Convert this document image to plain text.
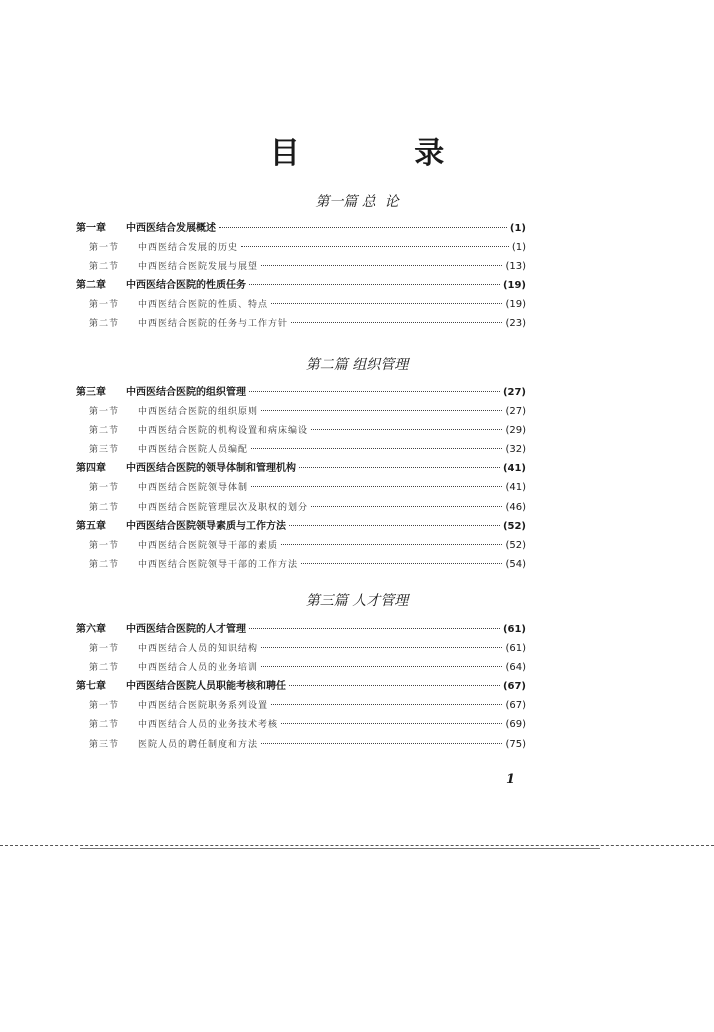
目 录
第一篇 总  论
第一章	中西医结合发展概述	(1)
第一节	中西医结合发展的历史	(1)
第二节	中西医结合医院发展与展望	(13)
第二章	中西医结合医院的性质任务	(19)
第一节	中西医结合医院的性质、特点	(19)
第二节	中西医结合医院的任务与工作方针	(23)
第二篇 组织管理
第三章	中西医结合医院的组织管理	(27)
第一节	中西医结合医院的组织原则	(27)
第二节	中西医结合医院的机构设置和病床编设	(29)
第三节	中西医结合医院人员编配	(32)
第四章	中西医结合医院的领导体制和管理机构	(41)
第一节	中西医结合医院领导体制	(41)
第二节	中西医结合医院管理层次及职权的划分	(46)
第五章	中西医结合医院领导素质与工作方法	(52)
第一节	中西医结合医院领导干部的素质	(52)
第二节	中西医结合医院领导干部的工作方法	(54)
第三篇 人才管理
第六章	中西医结合医院的人才管理	(61)
第一节	中西医结合人员的知识结构	(61)
第二节	中西医结合人员的业务培训	(64)
第七章	中西医结合医院人员职能考核和聘任	(67)
第一节	中西医结合医院职务系列设置	(67)
第二节	中西医结合人员的业务技术考核	(69)
第三节	医院人员的聘任制度和方法	(75)
1
